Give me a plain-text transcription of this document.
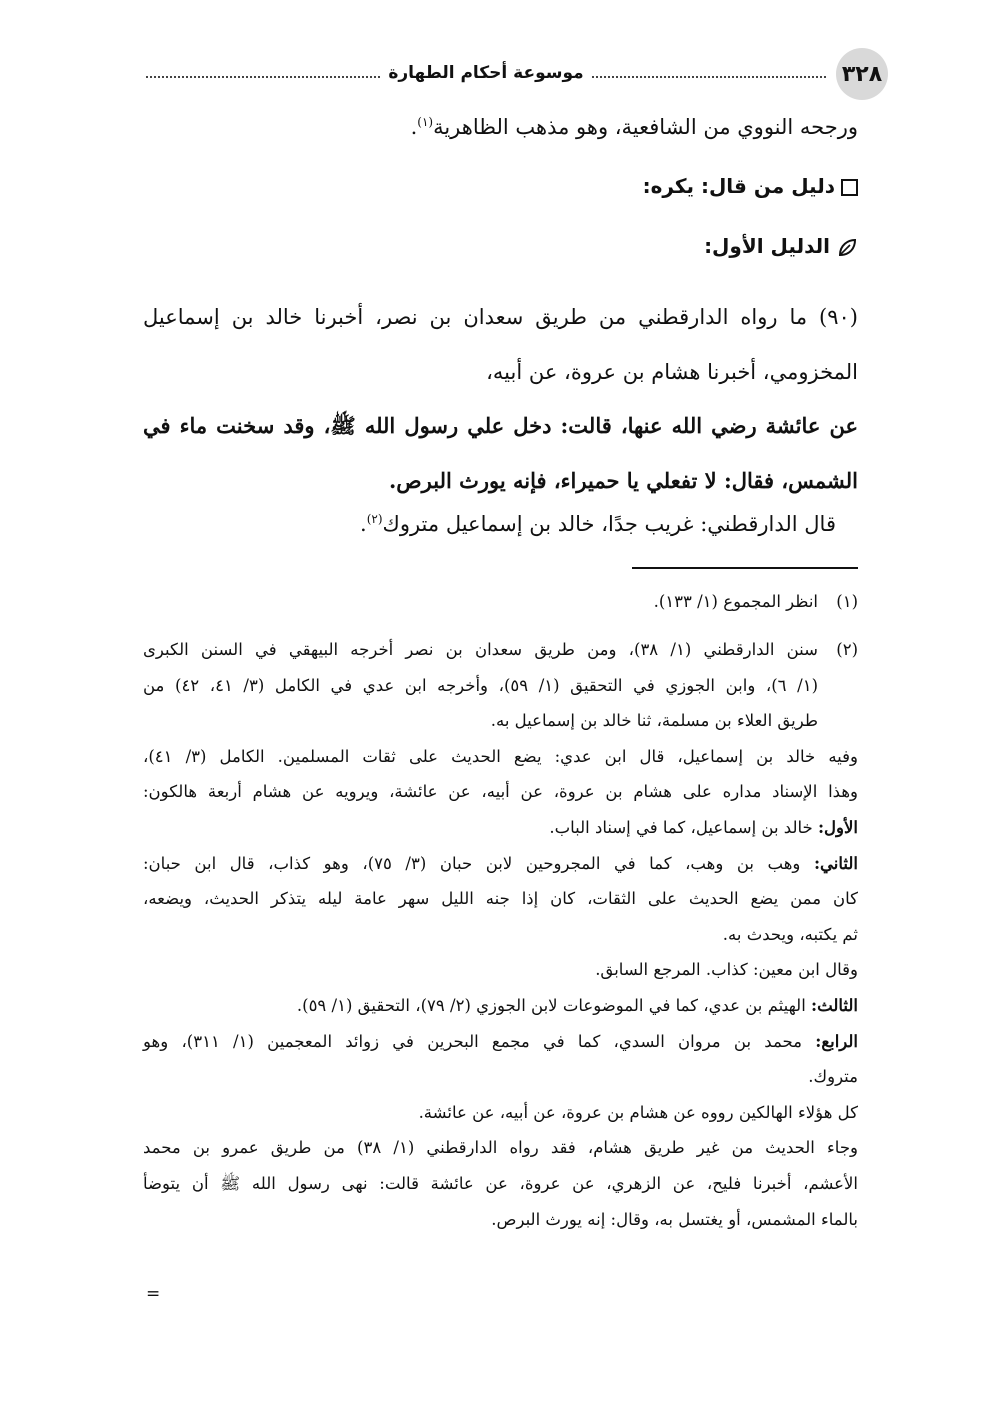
٣٢٨
موسوعة أحكام الطهارة

ورجحه النووي من الشافعية، وهو مذهب الظاهرية$^{(١)}$.

دليل من قال: يكره:
الدليل الأول:

(٩٠) ما رواه الدارقطني من طريق سعدان بن نصر، أخبرنا خالد بن إسماعيل

المخزومي، أخبرنا هشام بن عروة، عن أبيه،

عن عائشة رضي الله عنها، قالت: دخل علي رسول الله ﷺ، وقد سخنت ماء في

الشمس، فقال: لا تفعلي يا حميراء، فإنه يورث البرص.

قال الدارقطني: غريب جدًا، خالد بن إسماعيل متروك$^{(٢)}$.

(١)

انظر المجموع (١/ ١٣٣).

(٢)

سنن الدارقطني (١/ ٣٨)، ومن طريق سعدان بن نصر أخرجه البيهقي في السنن الكبرى

(١/ ٦)، وابن الجوزي في التحقيق (١/ ٥٩)، وأخرجه ابن عدي في الكامل (٣/ ٤١، ٤٢) من

طريق العلاء بن مسلمة، ثنا خالد بن إسماعيل به.

وفيه خالد بن إسماعيل، قال ابن عدي: يضع الحديث على ثقات المسلمين. الكامل (٣/ ٤١)،

وهذا الإسناد مداره على هشام بن عروة، عن أبيه، عن عائشة، ويرويه عن هشام أربعة هالكون:

الأول: خالد بن إسماعيل، كما في إسناد الباب.

الثاني: وهب بن وهب، كما في المجروحين لابن حبان (٣/ ٧٥)، وهو كذاب، قال ابن حبان:

كان ممن يضع الحديث على الثقات، كان إذا جنه الليل سهر عامة ليله يتذكر الحديث، ويضعه،

ثم يكتبه، ويحدث به.

وقال ابن معين: كذاب. المرجع السابق.

الثالث: الهيثم بن عدي، كما في الموضوعات لابن الجوزي (٢/ ٧٩)، التحقيق (١/ ٥٩).

الرابع: محمد بن مروان السدي، كما في مجمع البحرين في زوائد المعجمين (١/ ٣١١)، وهو

متروك.

كل هؤلاء الهالكين رووه عن هشام بن عروة، عن أبيه، عن عائشة.

وجاء الحديث من غير طريق هشام، فقد رواه الدارقطني (١/ ٣٨) من طريق عمرو بن محمد

الأعشم، أخبرنا فليح، عن الزهري، عن عروة، عن عائشة قالت: نهى رسول الله ﷺ أن يتوضأ

بالماء المشمس، أو يغتسل به، وقال: إنه يورث البرص.

=
